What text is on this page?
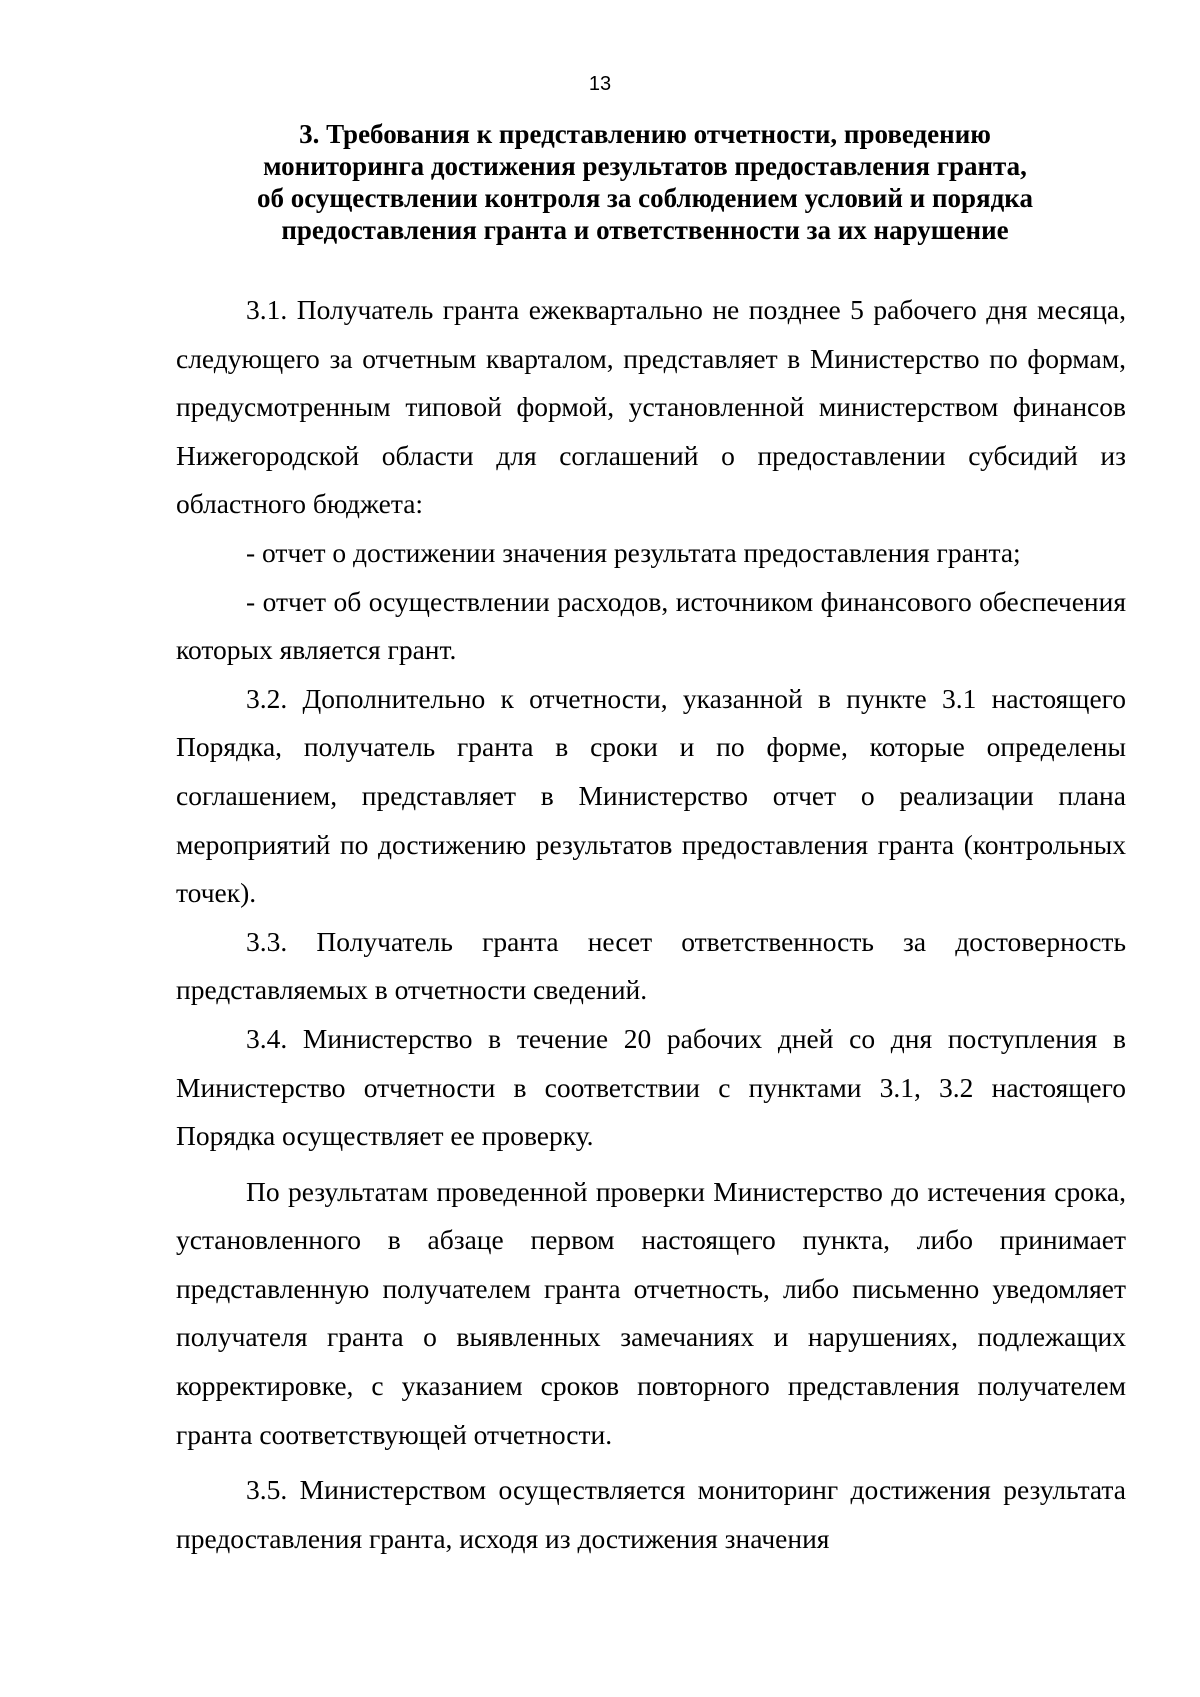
13
3. Требования к представлению отчетности, проведению
мониторинга достижения результатов предоставления гранта,
об осуществлении контроля за соблюдением условий и порядка
предоставления гранта и ответственности за их нарушение

3.1. Получатель гранта ежеквартально не позднее 5 рабочего дня месяца, следующего за отчетным кварталом, представляет в Министерство по формам, предусмотренным типовой формой, установленной министерством финансов Нижегородской области для соглашений о предоставлении субсидий из областного бюджета:

- отчет о достижении значения результата предоставления гранта;

- отчет об осуществлении расходов, источником финансового обеспечения которых является грант.

3.2. Дополнительно к отчетности, указанной в пункте 3.1 настоящего Порядка, получатель гранта в сроки и по форме, которые определены соглашением, представляет в Министерство отчет о реализации плана мероприятий по достижению результатов предоставления гранта (контрольных точек).

3.3. Получатель гранта несет ответственность за достоверность представляемых в отчетности сведений.

3.4. Министерство в течение 20 рабочих дней со дня поступления в Министерство отчетности в соответствии с пунктами 3.1, 3.2 настоящего Порядка осуществляет ее проверку.

По результатам проведенной проверки Министерство до истечения срока, установленного в абзаце первом настоящего пункта, либо принимает представленную получателем гранта отчетность, либо письменно уведомляет получателя гранта о выявленных замечаниях и нарушениях, подлежащих корректировке, с указанием сроков повторного представления получателем гранта соответствующей отчетности.

3.5. Министерством осуществляется мониторинг достижения результата предоставления гранта, исходя из достижения значения
